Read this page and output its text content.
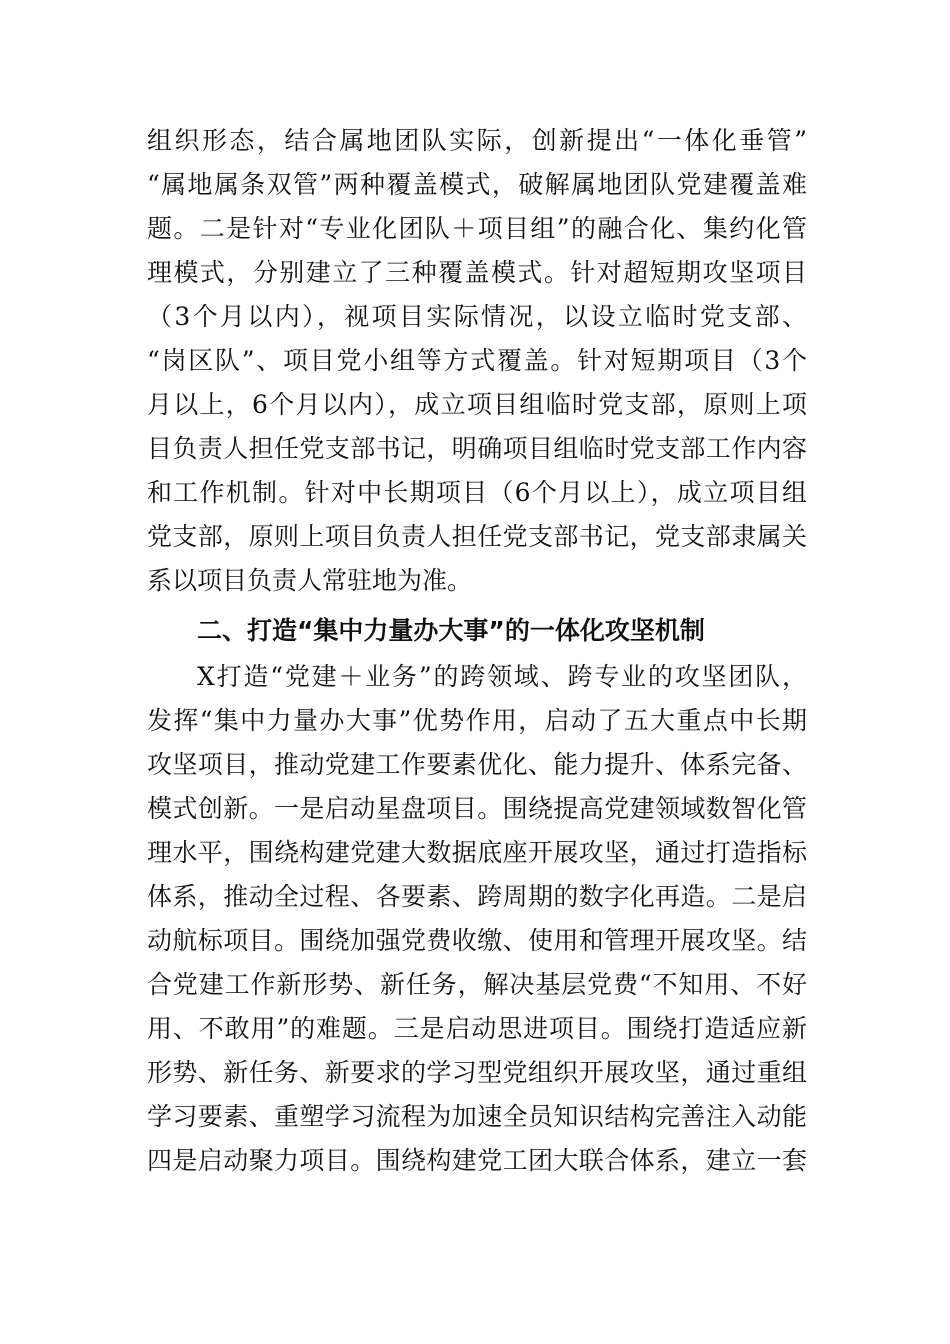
组织形态，结合属地团队实际，创新提出“一体化垂管”
“属地属条双管”两种覆盖模式，破解属地团队党建覆盖难
题。二是针对“专业化团队＋项目组”的融合化、集约化管
理模式，分别建立了三种覆盖模式。针对超短期攻坚项目
（3个月以内），视项目实际情况，以设立临时党支部、
“岗区队”、项目党小组等方式覆盖。针对短期项目（3个
月以上，6个月以内），成立项目组临时党支部，原则上项
目负责人担任党支部书记，明确项目组临时党支部工作内容
和工作机制。针对中长期项目（6个月以上），成立项目组
党支部，原则上项目负责人担任党支部书记，党支部隶属关
系以项目负责人常驻地为准。
二、打造“集中力量办大事”的一体化攻坚机制
X打造“党建＋业务”的跨领域、跨专业的攻坚团队，
发挥“集中力量办大事”优势作用，启动了五大重点中长期
攻坚项目，推动党建工作要素优化、能力提升、体系完备、
模式创新。一是启动星盘项目。围绕提高党建领域数智化管
理水平，围绕构建党建大数据底座开展攻坚，通过打造指标
体系，推动全过程、各要素、跨周期的数字化再造。二是启
动航标项目。围绕加强党费收缴、使用和管理开展攻坚。结
合党建工作新形势、新任务，解决基层党费“不知用、不好
用、不敢用”的难题。三是启动思进项目。围绕打造适应新
形势、新任务、新要求的学习型党组织开展攻坚，通过重组
学习要素、重塑学习流程为加速全员知识结构完善注入动能
四是启动聚力项目。围绕构建党工团大联合体系，建立一套
